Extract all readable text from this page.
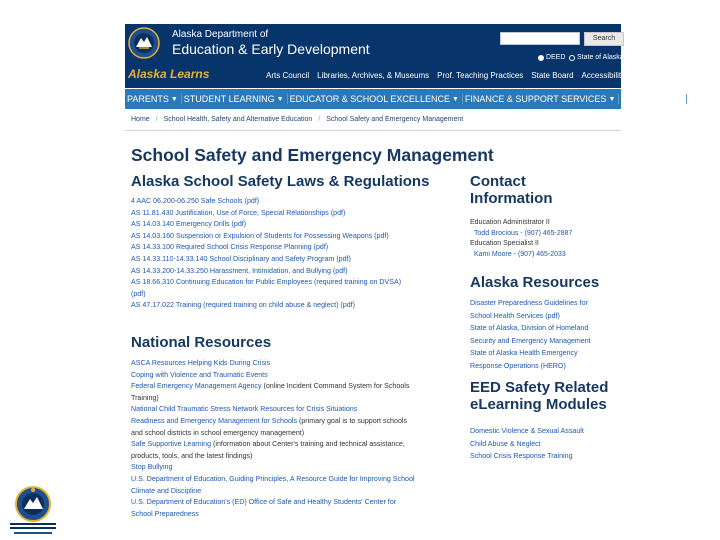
Alaska Department of
Education & Early Development
Search
DEED State of Alaska
Alaska Learns	Arts Council Libraries, Archives, & Museums Prof. Teaching Practices State Board Accessibility About
PARENTS ▼ STUDENT LEARNING ▼ EDUCATOR & SCHOOL EXCELLENCE ▼ FINANCE & SUPPORT SERVICES ▼ DATA CENTER
Home / School Health, Safety and Alternative Education / School Safety and Emergency Management
School Safety and Emergency Management
Alaska School Safety Laws & Regulations
4 AAC 06.200-06.250 Safe Schools (pdf)
AS 11.81.430 Justification, Use of Force, Special Relationships (pdf)
AS 14.03.140 Emergency Drills (pdf)
AS 14.03.160 Suspension or Expulsion of Students for Possessing Weapons (pdf)
AS 14.33.100 Required School Crisis Response Planning (pdf)
AS 14.33.110-14.33.140 School Disciplinary and Safety Program (pdf)
AS 14.33.200-14.33.250 Harassment, Intimidation, and Bullying (pdf)
AS 18.66.310 Continuing Education for Public Employees (required training on DVSA)
(pdf)
AS 47.17.022 Training (required training on child abuse & neglect) (pdf)
National Resources
ASCA Resources Helping Kids During Crisis
Coping with Violence and Traumatic Events
Federal Emergency Management Agency (online Incident Command System for Schools
Training)
National Child Traumatic Stress Network Resources for Crisis Situations
Readiness and Emergency Management for Schools (primary goal is to support schools
and school districts in school emergency management)
Safe Supportive Learning (information about Center's training and technical assistance,
products, tools, and the latest findings)
Stop Bullying
U.S. Department of Education, Guiding Principles, A Resource Guide for Improving School
Climate and Discipline
U.S. Department of Education's (ED) Office of Safe and Healthy Students' Center for
School Preparedness
Contact
Information
Education Administrator II
Todd Brocious - (907) 465-2887
Education Specialist II
Kami Moore - (907) 465-2033
Alaska Resources
Disaster Preparedness Guidelines for
School Health Services (pdf)
State of Alaska, Division of Homeland
Security and Emergency Management
State of Alaska Health Emergency
Response Operations (HERO)
EED Safety Related
eLearning Modules
Domestic Violence & Sexual Assault
Child Abuse & Neglect
School Crisis Response Training
